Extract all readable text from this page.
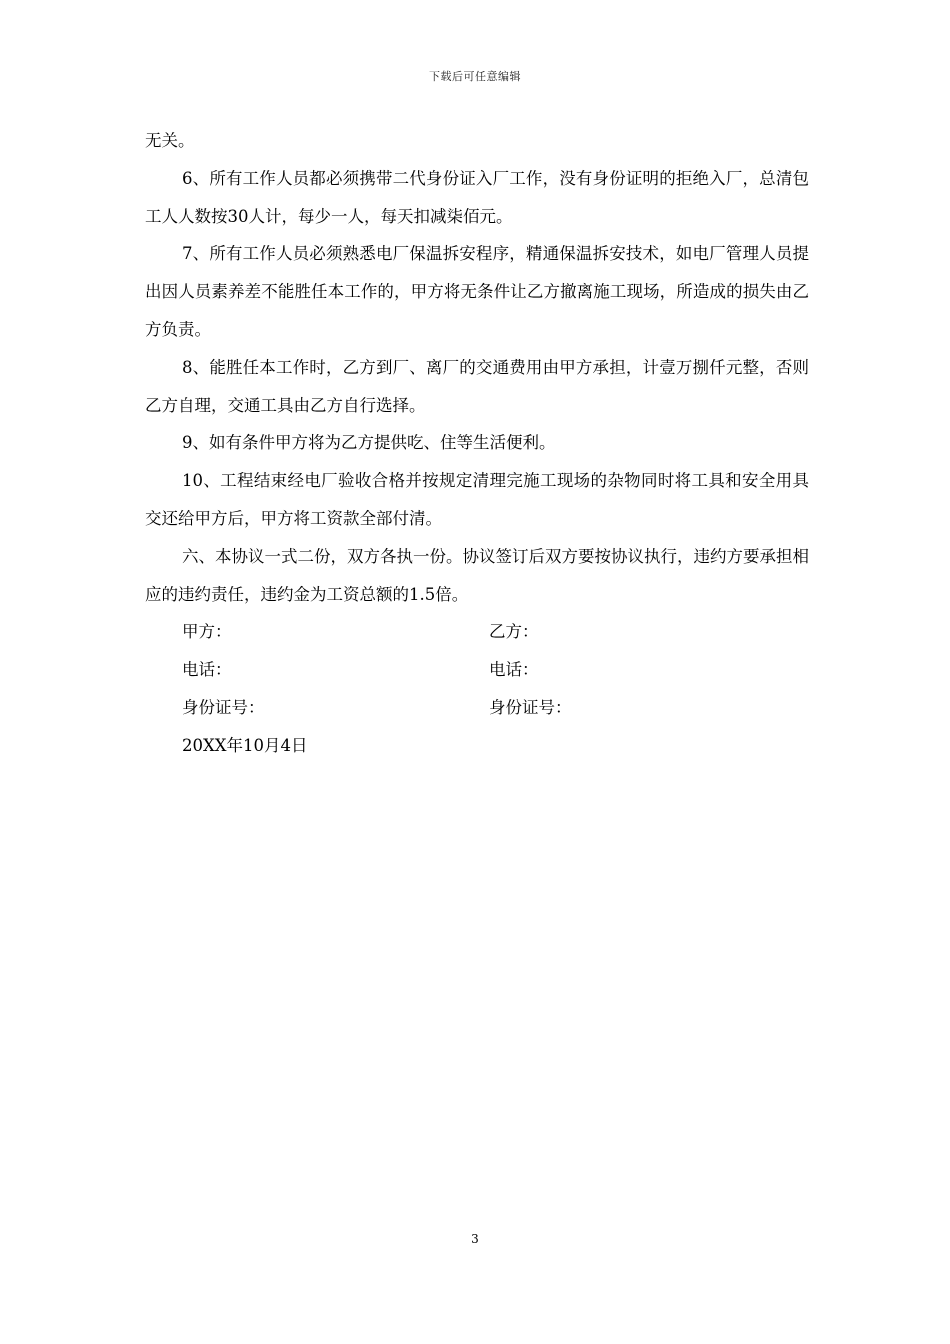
下载后可任意编辑

无关。

6、所有工作人员都必须携带二代身份证入厂工作，没有身份证明的拒绝入厂，总清包工人人数按30人计，每少一人，每天扣减柒佰元。

7、所有工作人员必须熟悉电厂保温拆安程序，精通保温拆安技术，如电厂管理人员提出因人员素养差不能胜任本工作的，甲方将无条件让乙方撤离施工现场，所造成的损失由乙方负责。

8、能胜任本工作时，乙方到厂、离厂的交通费用由甲方承担，计壹万捌仟元整，否则乙方自理，交通工具由乙方自行选择。

9、如有条件甲方将为乙方提供吃、住等生活便利。

10、工程结束经电厂验收合格并按规定清理完施工现场的杂物同时将工具和安全用具交还给甲方后，甲方将工资款全部付清。

六、本协议一式二份，双方各执一份。协议签订后双方要按协议执行，违约方要承担相应的违约责任，违约金为工资总额的1.5倍。

甲方：	乙方：
电话：	电话：
身份证号：	身份证号：
20XX年10月4日
3
